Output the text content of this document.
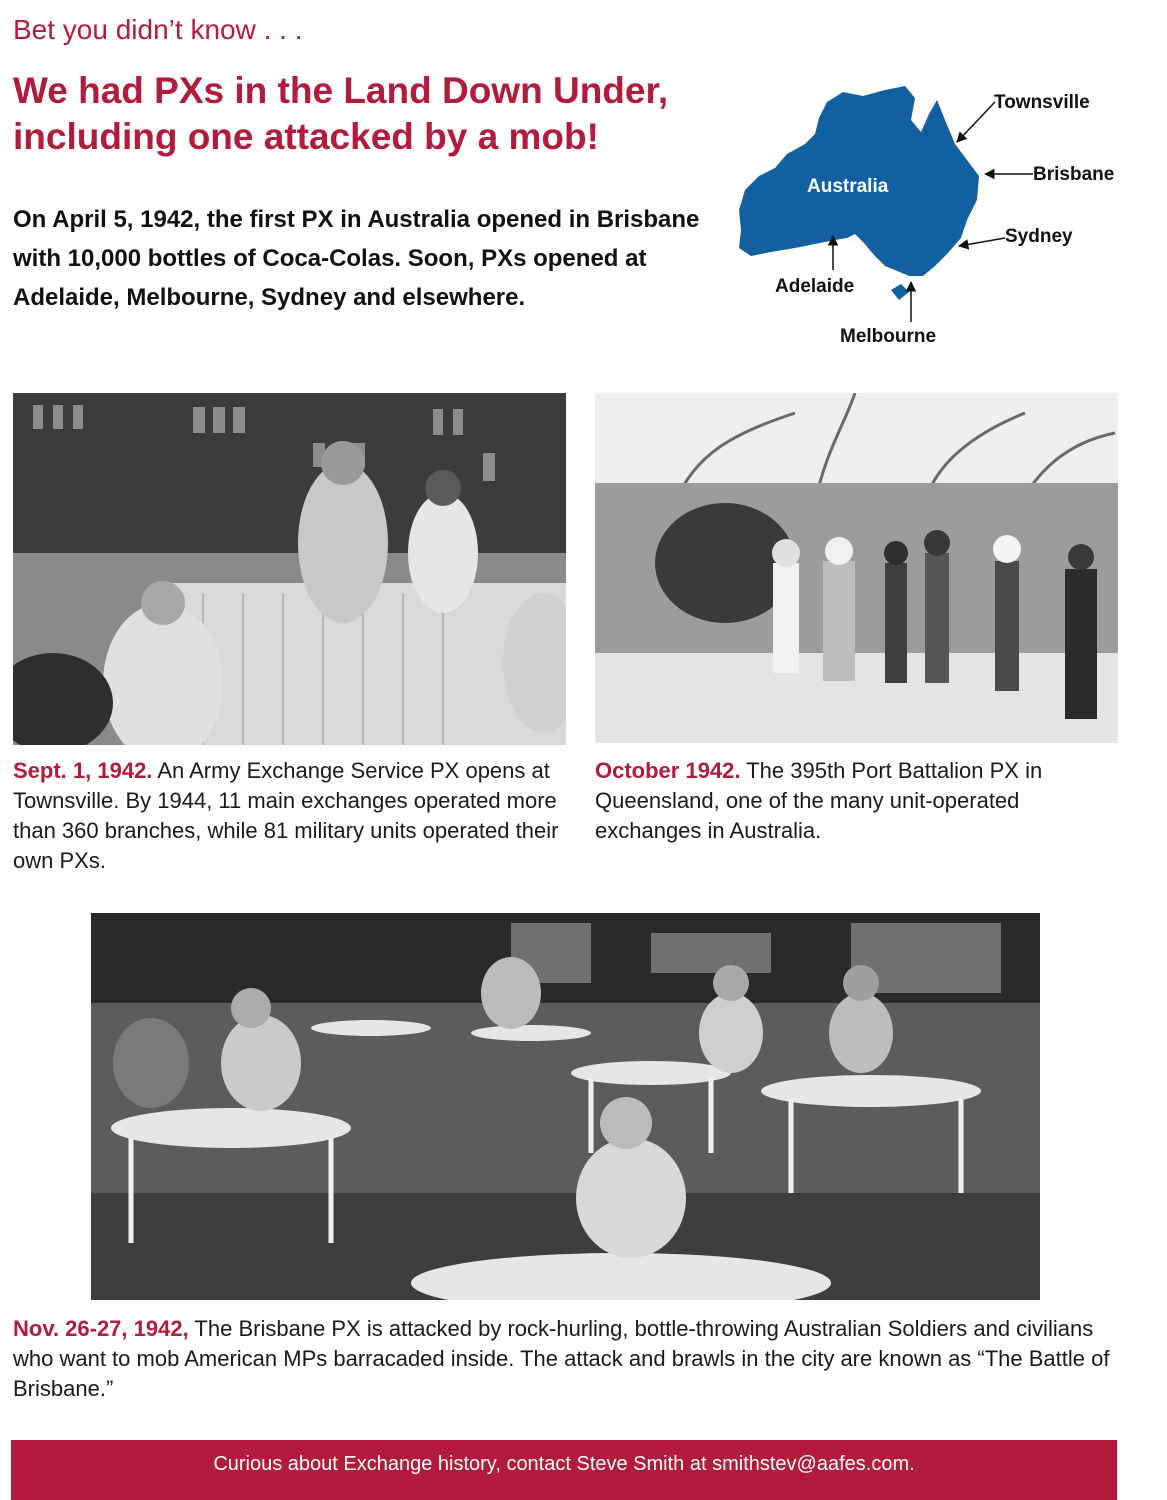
Bet you didn’t know . . .
We had PXs in the Land Down Under,
including one attacked by a mob!
On April 5, 1942, the first PX in Australia opened in Brisbane with 10,000 bottles of Coca-Colas. Soon, PXs opened at Adelaide, Melbourne, Sydney and elsewhere.
Australia
Townsville
Brisbane
Sydney
Adelaide
Melbourne
Sept. 1, 1942. An Army Exchange Service PX opens at Townsville. By 1944, 11 main exchanges operated more than 360 branches, while 81 military units operated their own PXs.
October 1942. The 395th Port Battalion PX in Queensland, one of the many unit-operated exchanges in Australia.
Nov. 26-27, 1942, The Brisbane PX is attacked by rock-hurling, bottle-throwing Australian Soldiers and civilians who want to mob American MPs barracaded inside. The attack and brawls in the city are known as “The Battle of Brisbane.”
Curious about Exchange history, contact Steve Smith at smithstev@aafes.com.
